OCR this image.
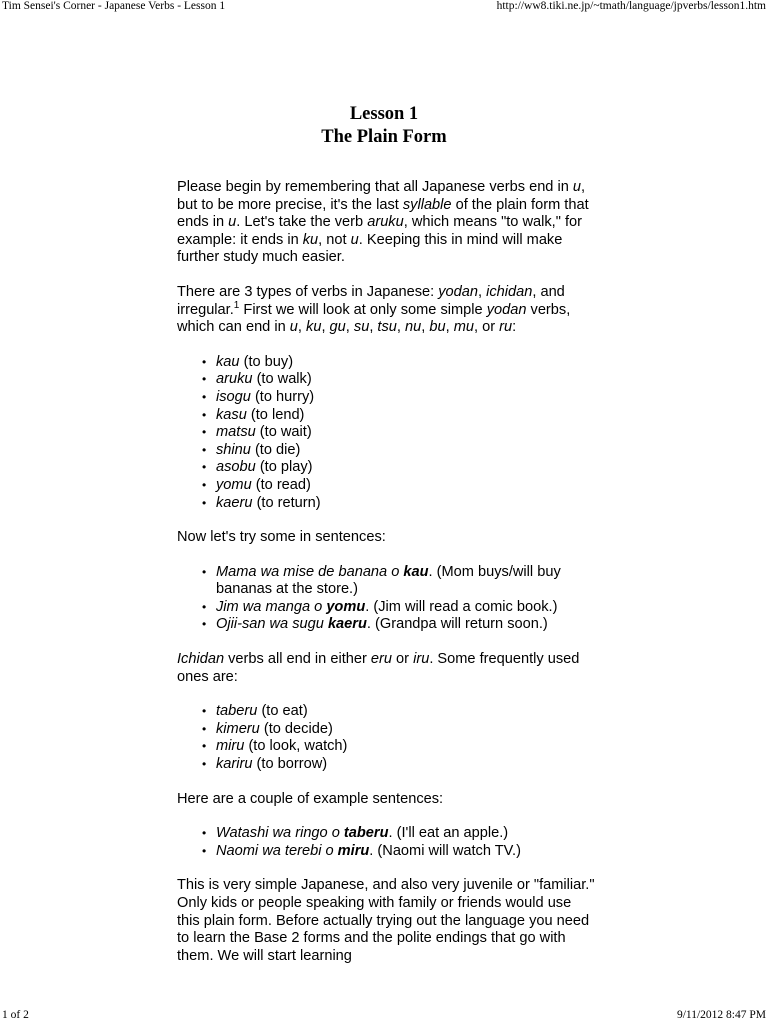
Tim Sensei's Corner - Japanese Verbs - Lesson 1	http://ww8.tiki.ne.jp/~tmath/language/jpverbs/lesson1.htm
Lesson 1
The Plain Form

Please begin by remembering that all Japanese verbs end in u, but to be more precise, it's the last syllable of the plain form that ends in u. Let's take the verb aruku, which means "to walk," for example: it ends in ku, not u. Keeping this in mind will make further study much easier.

There are 3 types of verbs in Japanese: yodan, ichidan, and irregular.$^1$ First we will look at only some simple yodan verbs, which can end in u, ku, gu, su, tsu, nu, bu, mu, or ru:

• kau (to buy)
• aruku (to walk)
• isogu (to hurry)
• kasu (to lend)
• matsu (to wait)
• shinu (to die)
• asobu (to play)
• yomu (to read)
• kaeru (to return)

Now let's try some in sentences:

• Mama wa mise de banana o kau. (Mom buys/will buy bananas at the store.)
• Jim wa manga o yomu. (Jim will read a comic book.)
• Ojii-san wa sugu kaeru. (Grandpa will return soon.)

Ichidan verbs all end in either eru or iru. Some frequently used ones are:

• taberu (to eat)
• kimeru (to decide)
• miru (to look, watch)
• kariru (to borrow)

Here are a couple of example sentences:

• Watashi wa ringo o taberu. (I'll eat an apple.)
• Naomi wa terebi o miru. (Naomi will watch TV.)

This is very simple Japanese, and also very juvenile or "familiar." Only kids or people speaking with family or friends would use this plain form. Before actually trying out the language you need to learn the Base 2 forms and the polite endings that go with them. We will start learning

1 of 2	9/11/2012 8:47 PM
